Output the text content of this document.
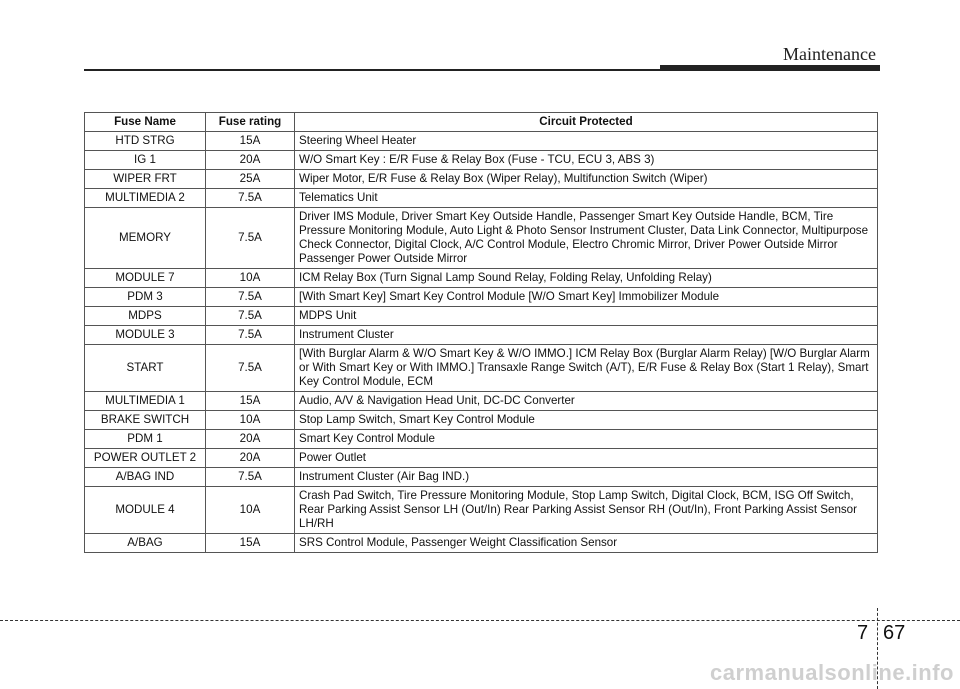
Maintenance
Fuse Name	Fuse rating	Circuit Protected
HTD STRG	15A	Steering Wheel Heater
IG 1	20A	W/O Smart Key : E/R Fuse & Relay Box (Fuse - TCU, ECU 3, ABS 3)
WIPER FRT	25A	Wiper Motor, E/R Fuse & Relay Box (Wiper Relay), Multifunction Switch (Wiper)
MULTIMEDIA 2	7.5A	Telematics Unit
MEMORY	7.5A	Driver IMS Module, Driver Smart Key Outside Handle, Passenger Smart Key Outside Handle, BCM, Tire Pressure Monitoring Module, Auto Light & Photo Sensor Instrument Cluster, Data Link Connector, Multipurpose Check Connector, Digital Clock, A/C Control Module, Electro Chromic Mirror, Driver Power Outside Mirror Passenger Power Outside Mirror
MODULE 7	10A	ICM Relay Box (Turn Signal Lamp Sound Relay, Folding Relay, Unfolding Relay)
PDM 3	7.5A	[With Smart Key] Smart Key Control Module [W/O Smart Key] Immobilizer Module
MDPS	7.5A	MDPS Unit
MODULE 3	7.5A	Instrument Cluster
START	7.5A	[With Burglar Alarm & W/O Smart Key & W/O IMMO.] ICM Relay Box (Burglar Alarm Relay) [W/O Burglar Alarm or With Smart Key or With IMMO.] Transaxle Range Switch (A/T), E/R Fuse & Relay Box (Start 1 Relay), Smart Key Control Module, ECM
MULTIMEDIA 1	15A	Audio, A/V & Navigation Head Unit, DC-DC Converter
BRAKE SWITCH	10A	Stop Lamp Switch, Smart Key Control Module
PDM 1	20A	Smart Key Control Module
POWER OUTLET 2	20A	Power Outlet
A/BAG IND	7.5A	Instrument Cluster (Air Bag IND.)
MODULE 4	10A	Crash Pad Switch, Tire Pressure Monitoring Module, Stop Lamp Switch, Digital Clock, BCM, ISG Off Switch, Rear Parking Assist Sensor LH (Out/In) Rear Parking Assist Sensor RH (Out/In), Front Parking Assist Sensor LH/RH
A/BAG	15A	SRS Control Module, Passenger Weight Classification Sensor
7 67
carmanualsonline.info
